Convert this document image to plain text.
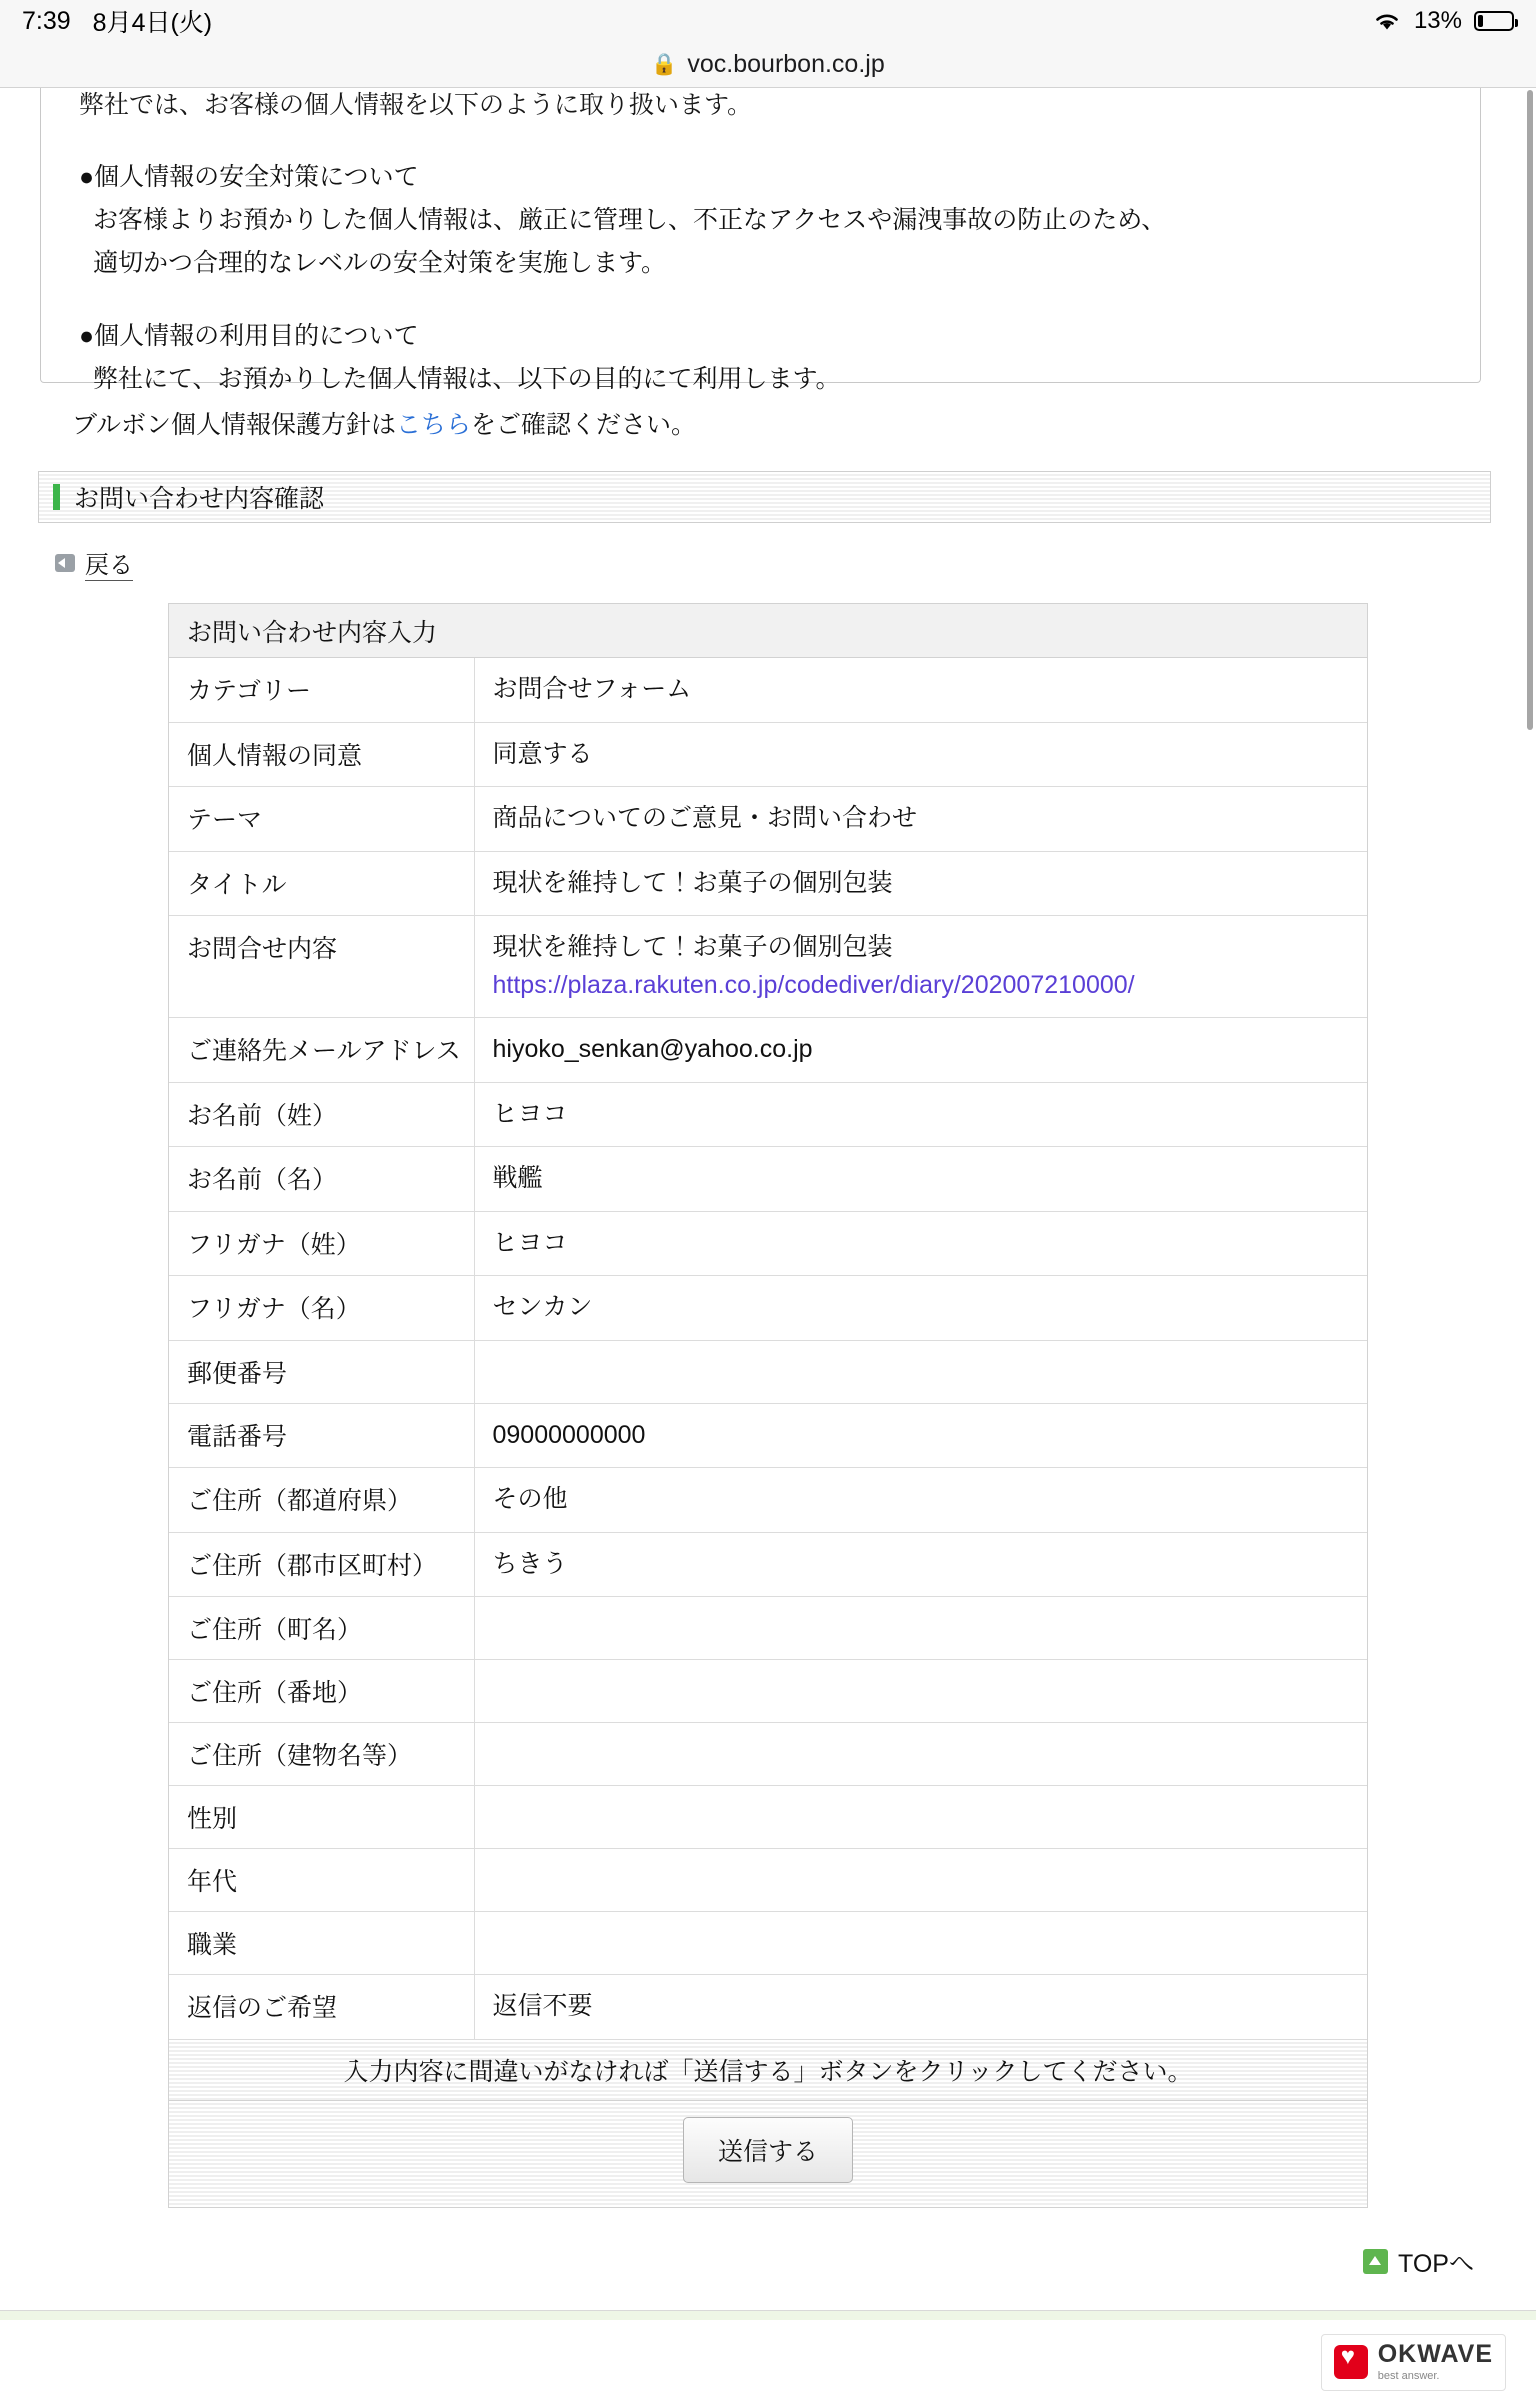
7:39 8月4日(火)	13%
🔒 voc.bourbon.co.jp
弊社では、お客様の個人情報を以下のように取り扱います。

●個人情報の安全対策について

お客様よりお預かりした個人情報は、厳正に管理し、不正なアクセスや漏洩事故の防止のため、

適切かつ合理的なレベルの安全対策を実施します。

●個人情報の利用目的について

弊社にて、お預かりした個人情報は、以下の目的にて利用します。

ブルボン個人情報保護方針はこちらをご確認ください。
お問い合わせ内容確認
戻る
お問い合わせ内容入力
カテゴリー	お問合せフォーム
個人情報の同意	同意する
テーマ	商品についてのご意見・お問い合わせ
タイトル	現状を維持して！お菓子の個別包装
お問合せ内容	現状を維持して！お菓子の個別包装
https://plaza.rakuten.co.jp/codediver/diary/202007210000/

ご連絡先メールアドレス	hiyoko_senkan@yahoo.co.jp
お名前（姓）	ヒヨコ
お名前（名）	戦艦
フリガナ（姓）	ヒヨコ
フリガナ（名）	センカン
郵便番号	
電話番号	09000000000
ご住所（都道府県）	その他
ご住所（郡市区町村）	ちきう
ご住所（町名）	
ご住所（番地）	
ご住所（建物名等）	
性別	
年代	
職業	
返信のご希望	返信不要
入力内容に間違いがなければ「送信する」ボタンをクリックしてください。
送信する
TOPへ
♥
OKWAVE
best answer.
